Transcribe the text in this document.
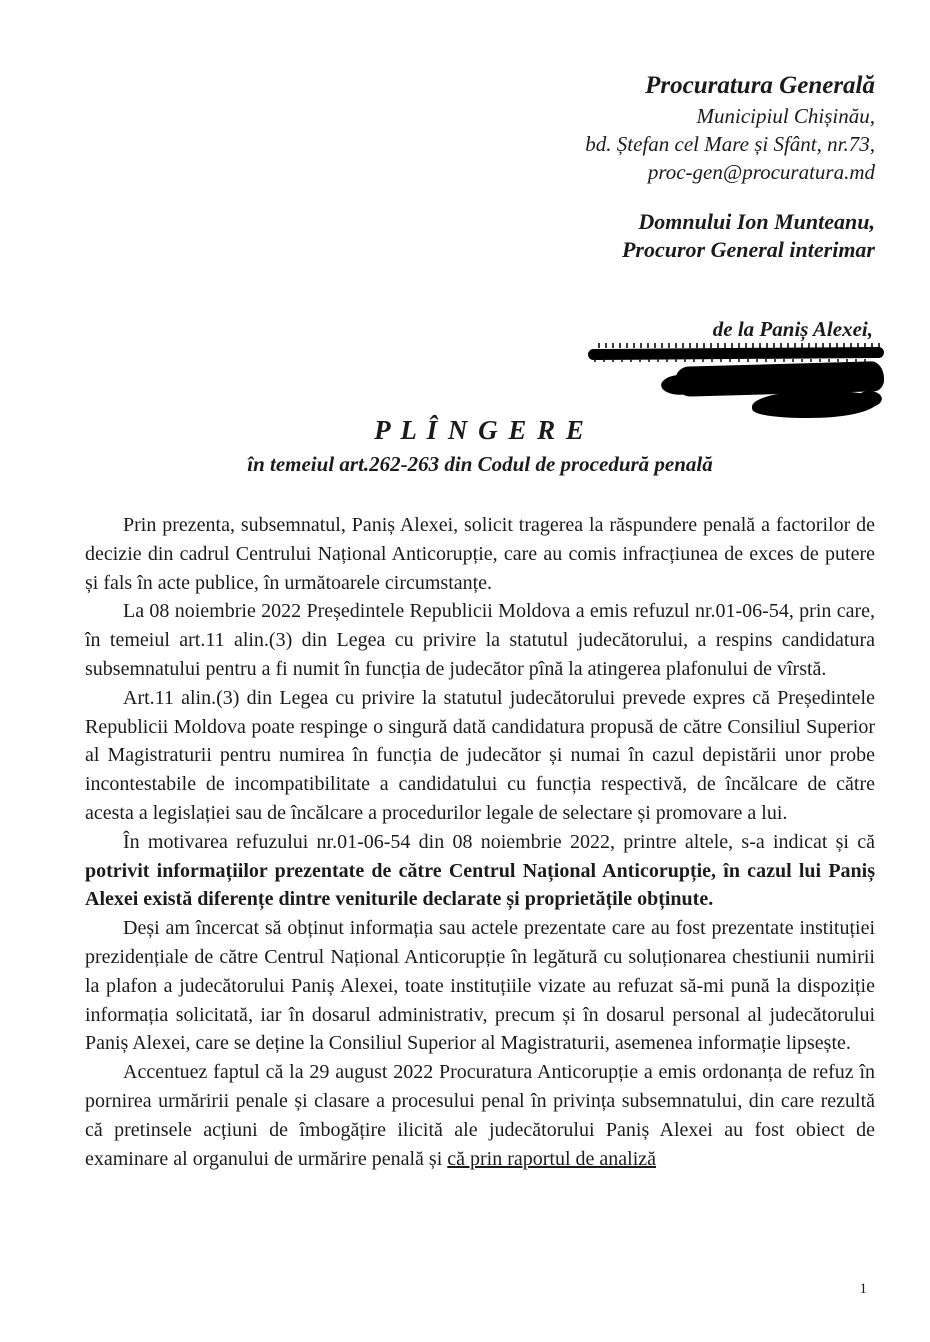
Procuratura Generală
Municipiul Chișinău,
bd. Ștefan cel Mare și Sfânt, nr.73,
proc-gen@procuratura.md
Domnului Ion Munteanu,
Procuror General interimar
de la Paniș Alexei,
P L Î N G E R E
în temeiul art.262-263 din Codul de procedură penală

Prin prezenta, subsemnatul, Paniș Alexei, solicit tragerea la răspundere penală a factorilor de decizie din cadrul Centrului Național Anticorupție, care au comis infracțiunea de exces de putere și fals în acte publice, în următoarele circumstanțe.

La 08 noiembrie 2022 Președintele Republicii Moldova a emis refuzul nr.01-06-54, prin care, în temeiul art.11 alin.(3) din Legea cu privire la statutul judecătorului, a respins candidatura subsemnatului pentru a fi numit în funcția de judecător pînă la atingerea plafonului de vîrstă.

Art.11 alin.(3) din Legea cu privire la statutul judecătorului prevede expres că Președintele Republicii Moldova poate respinge o singură dată candidatura propusă de către Consiliul Superior al Magistraturii pentru numirea în funcția de judecător și numai în cazul depistării unor probe incontestabile de incompatibilitate a candidatului cu funcția respectivă, de încălcare de către acesta a legislației sau de încălcare a procedurilor legale de selectare și promovare a lui.

În motivarea refuzului nr.01-06-54 din 08 noiembrie 2022, printre altele, s-a indicat și că potrivit informațiilor prezentate de către Centrul Național Anticorupție, în cazul lui Paniș Alexei există diferențe dintre veniturile declarate și proprietățile obținute.

Deși am încercat să obținut informația sau actele prezentate care au fost prezentate instituției prezidențiale de către Centrul Național Anticorupție în legătură cu soluționarea chestiunii numirii la plafon a judecătorului Paniș Alexei, toate instituțiile vizate au refuzat să-mi pună la dispoziție informația solicitată, iar în dosarul administrativ, precum și în dosarul personal al judecătorului Paniș Alexei, care se deține la Consiliul Superior al Magistraturii, asemenea informație lipsește.

Accentuez faptul că la 29 august 2022 Procuratura Anticorupție a emis ordonanța de refuz în pornirea urmăririi penale și clasare a procesului penal în privința subsemnatului, din care rezultă că pretinsele acțiuni de îmbogățire ilicită ale judecătorului Paniș Alexei au fost obiect de examinare al organului de urmărire penală și că prin raportul de analiză

1
